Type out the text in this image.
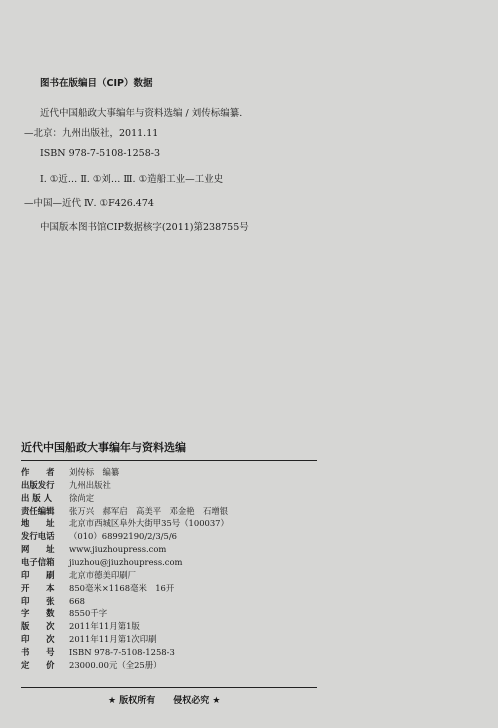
图书在版编目（CIP）数据
近代中国船政大事编年与资料选编 / 刘传标编纂.
—北京：九州出版社，2011.11
ISBN 978-7-5108-1258-3
Ⅰ. ①近… Ⅱ. ①刘… Ⅲ. ①造船工业—工业史
—中国—近代 Ⅳ. ①F426.474
中国版本图书馆CIP数据核字(2011)第238755号
近代中国船政大事编年与资料选编
作　　者 刘传标　编纂
出版发行 九州出版社
出 版 人 徐尚定
责任编辑 张万兴　郝军启　高美平　邓金艳　石增银
地　　址 北京市西城区阜外大街甲35号（100037）
发行电话 （010）68992190/2/3/5/6
网　　址 www.jiuzhoupress.com
电子信箱 jiuzhou@jiuzhoupress.com
印　　刷 北京市德美印刷厂
开　　本 850毫米×1168毫米　16开
印　　张 668
字　　数 8550千字
版　　次 2011年11月第1版
印　　次 2011年11月第1次印刷
书　　号 ISBN 978-7-5108-1258-3
定　　价 23000.00元（全25册）
★ 版权所有　　侵权必究 ★
